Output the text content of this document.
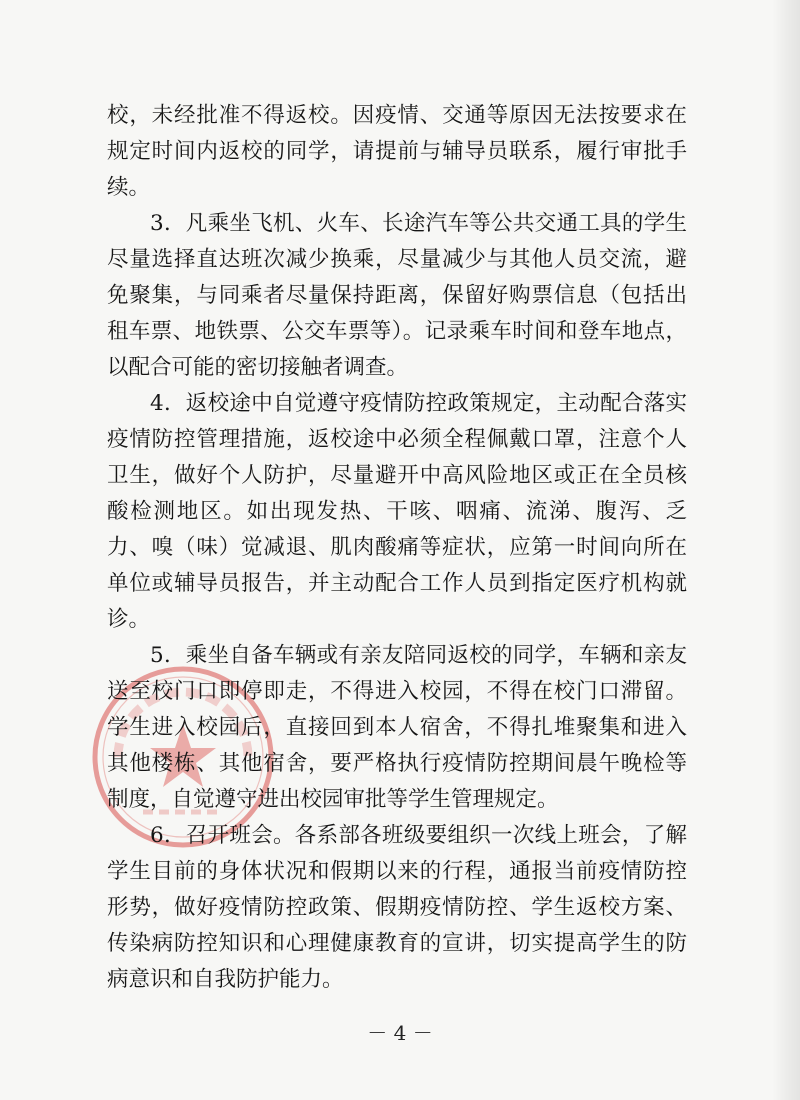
校，未经批准不得返校。因疫情、交通等原因无法按要求在规定时间内返校的同学，请提前与辅导员联系，履行审批手续。

3．凡乘坐飞机、火车、长途汽车等公共交通工具的学生尽量选择直达班次减少换乘，尽量减少与其他人员交流，避免聚集，与同乘者尽量保持距离，保留好购票信息（包括出租车票、地铁票、公交车票等）。记录乘车时间和登车地点，以配合可能的密切接触者调查。

4．返校途中自觉遵守疫情防控政策规定，主动配合落实疫情防控管理措施，返校途中必须全程佩戴口罩，注意个人卫生，做好个人防护，尽量避开中高风险地区或正在全员核酸检测地区。如出现发热、干咳、咽痛、流涕、腹泻、乏力、嗅（味）觉减退、肌肉酸痛等症状，应第一时间向所在单位或辅导员报告，并主动配合工作人员到指定医疗机构就诊。

5．乘坐自备车辆或有亲友陪同返校的同学，车辆和亲友送至校门口即停即走，不得进入校园，不得在校门口滞留。学生进入校园后，直接回到本人宿舍，不得扎堆聚集和进入其他楼栋、其他宿舍，要严格执行疫情防控期间晨午晚检等制度，自觉遵守进出校园审批等学生管理规定。

6．召开班会。各系部各班级要组织一次线上班会，了解学生目前的身体状况和假期以来的行程，通报当前疫情防控形势，做好疫情防控政策、假期疫情防控、学生返校方案、传染病防控知识和心理健康教育的宣讲，切实提高学生的防病意识和自我防护能力。

－ 4 －
